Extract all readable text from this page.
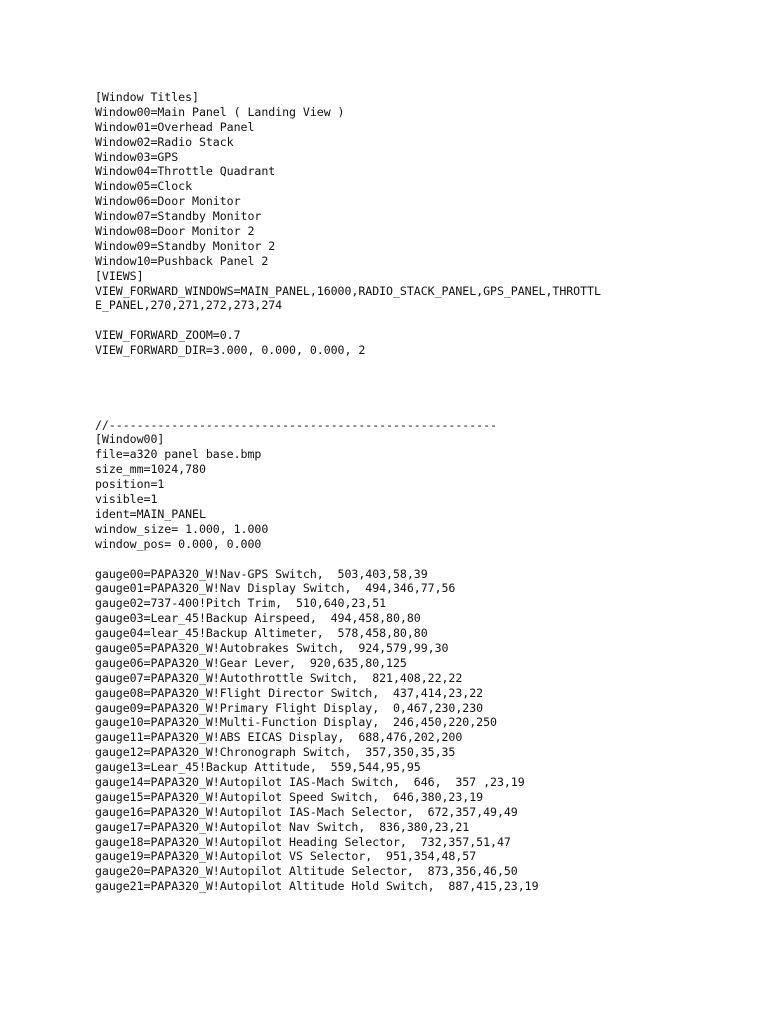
[Window Titles]
Window00=Main Panel ( Landing View )
Window01=Overhead Panel
Window02=Radio Stack
Window03=GPS
Window04=Throttle Quadrant
Window05=Clock
Window06=Door Monitor
Window07=Standby Monitor
Window08=Door Monitor 2
Window09=Standby Monitor 2
Window10=Pushback Panel 2
[VIEWS]
VIEW_FORWARD_WINDOWS=MAIN_PANEL,16000,RADIO_STACK_PANEL,GPS_PANEL,THROTTL
E_PANEL,270,271,272,273,274
VIEW_FORWARD_ZOOM=0.7
VIEW_FORWARD_DIR=3.000, 0.000, 0.000, 2
//--------------------------------------------------------
[Window00]
file=a320 panel base.bmp
size_mm=1024,780
position=1
visible=1
ident=MAIN_PANEL
window_size= 1.000, 1.000
window_pos= 0.000, 0.000
gauge00=PAPA320_W!Nav-GPS Switch,  503,403,58,39
gauge01=PAPA320_W!Nav Display Switch,  494,346,77,56
gauge02=737-400!Pitch Trim,  510,640,23,51
gauge03=Lear_45!Backup Airspeed,  494,458,80,80
gauge04=lear_45!Backup Altimeter,  578,458,80,80
gauge05=PAPA320_W!Autobrakes Switch,  924,579,99,30
gauge06=PAPA320_W!Gear Lever,  920,635,80,125
gauge07=PAPA320_W!Autothrottle Switch,  821,408,22,22
gauge08=PAPA320_W!Flight Director Switch,  437,414,23,22
gauge09=PAPA320_W!Primary Flight Display,  0,467,230,230
gauge10=PAPA320_W!Multi-Function Display,  246,450,220,250
gauge11=PAPA320_W!ABS EICAS Display,  688,476,202,200
gauge12=PAPA320_W!Chronograph Switch,  357,350,35,35
gauge13=Lear_45!Backup Attitude,  559,544,95,95
gauge14=PAPA320_W!Autopilot IAS-Mach Switch,  646,  357 ,23,19
gauge15=PAPA320_W!Autopilot Speed Switch,  646,380,23,19
gauge16=PAPA320_W!Autopilot IAS-Mach Selector,  672,357,49,49
gauge17=PAPA320_W!Autopilot Nav Switch,  836,380,23,21
gauge18=PAPA320_W!Autopilot Heading Selector,  732,357,51,47
gauge19=PAPA320_W!Autopilot VS Selector,  951,354,48,57
gauge20=PAPA320_W!Autopilot Altitude Selector,  873,356,46,50
gauge21=PAPA320_W!Autopilot Altitude Hold Switch,  887,415,23,19
